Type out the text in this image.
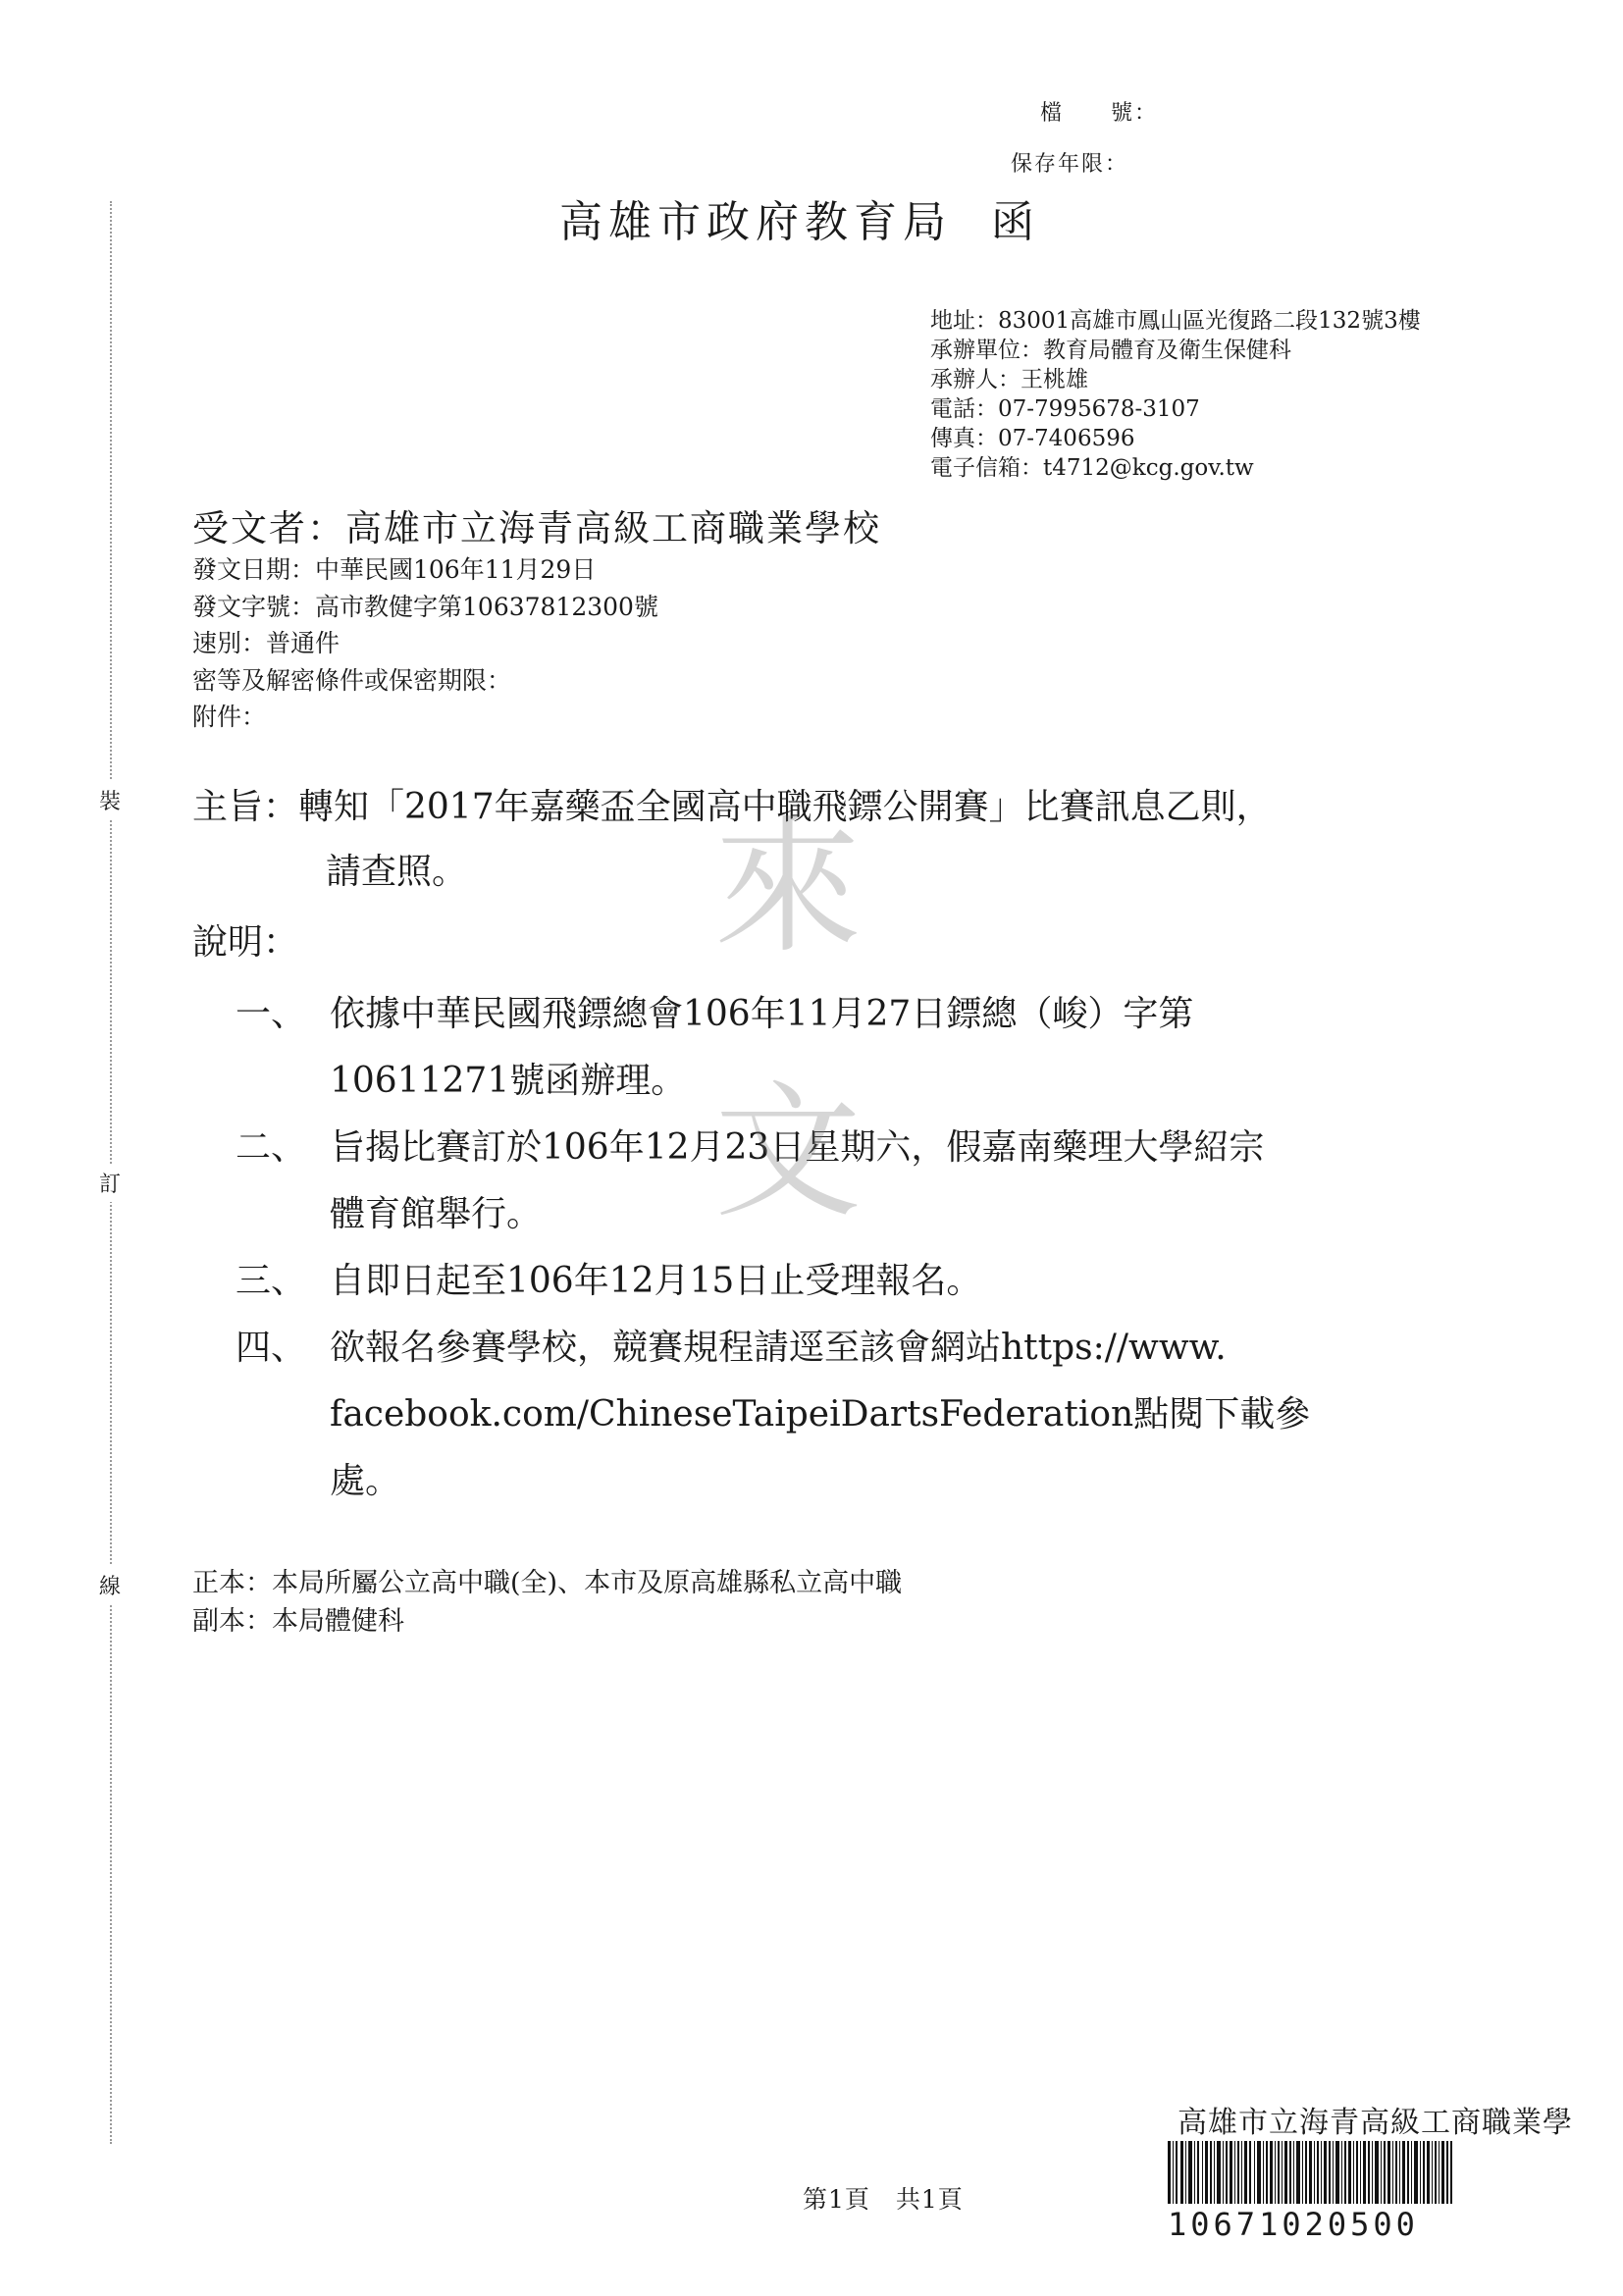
裝
訂
線
檔　　號：
保存年限：
高雄市政府教育局 函
地址：83001高雄市鳳山區光復路二段132號3樓
承辦單位：教育局體育及衛生保健科
承辦人：王桃雄
電話：07-7995678-3107
傳真：07-7406596
電子信箱：t4712@kcg.gov.tw
受文者：高雄市立海青高級工商職業學校
發文日期：中華民國106年11月29日
發文字號：高市教健字第10637812300號
速別：普通件
密等及解密條件或保密期限：
附件：
主旨：轉知「2017年嘉藥盃全國高中職飛鏢公開賽」比賽訊息乙則，
請查照。
說明：
一、 依據中華民國飛鏢總會106年11月27日鏢總（峻）字第
10611271號函辦理。
二、 旨揭比賽訂於106年12月23日星期六，假嘉南藥理大學紹宗
體育館舉行。
三、 自即日起至106年12月15日止受理報名。
四、 欲報名參賽學校，競賽規程請逕至該會網站https://www.
facebook.com/ChineseTaipeiDartsFederation點閱下載參
處。
來
文
正本：本局所屬公立高中職(全)、本市及原高雄縣私立高中職
副本：本局體健科
第1頁　共1頁
高雄市立海青高級工商職業學
10671020500
